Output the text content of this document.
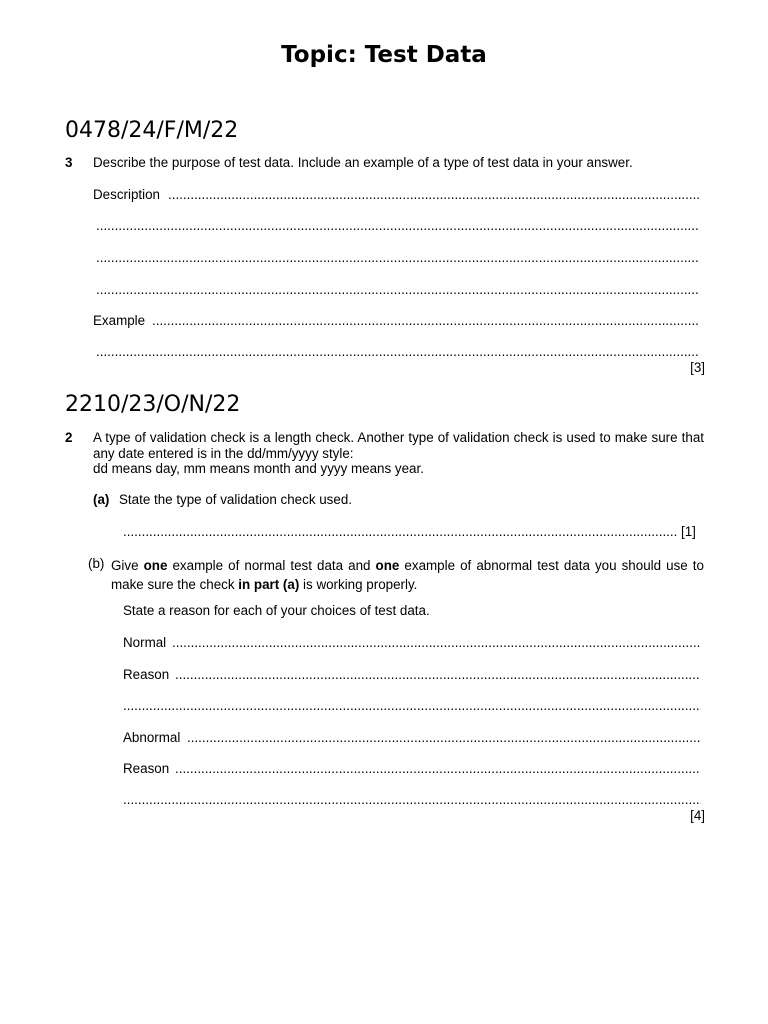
Topic: Test Data
0478/24/F/M/22
3 Describe the purpose of test data. Include an example of a type of test data in your answer.
Description
.....
.....
.....
.....
Example
.....
.....
[3]
2210/23/O/N/22
2 A type of validation check is a length check. Another type of validation check is used to make sure that any date entered is in the dd/mm/yyyy style:
dd means day, mm means month and yyyy means year.
(a) State the type of validation check used.
.....
[1]
(b) Give one example of normal test data and one example of abnormal test data you should use to make sure the check in part (a) is working properly.
State a reason for each of your choices of test data.
Normal
.....
Reason
.....
.....
Abnormal
.....
Reason
.....
.....
[4]
